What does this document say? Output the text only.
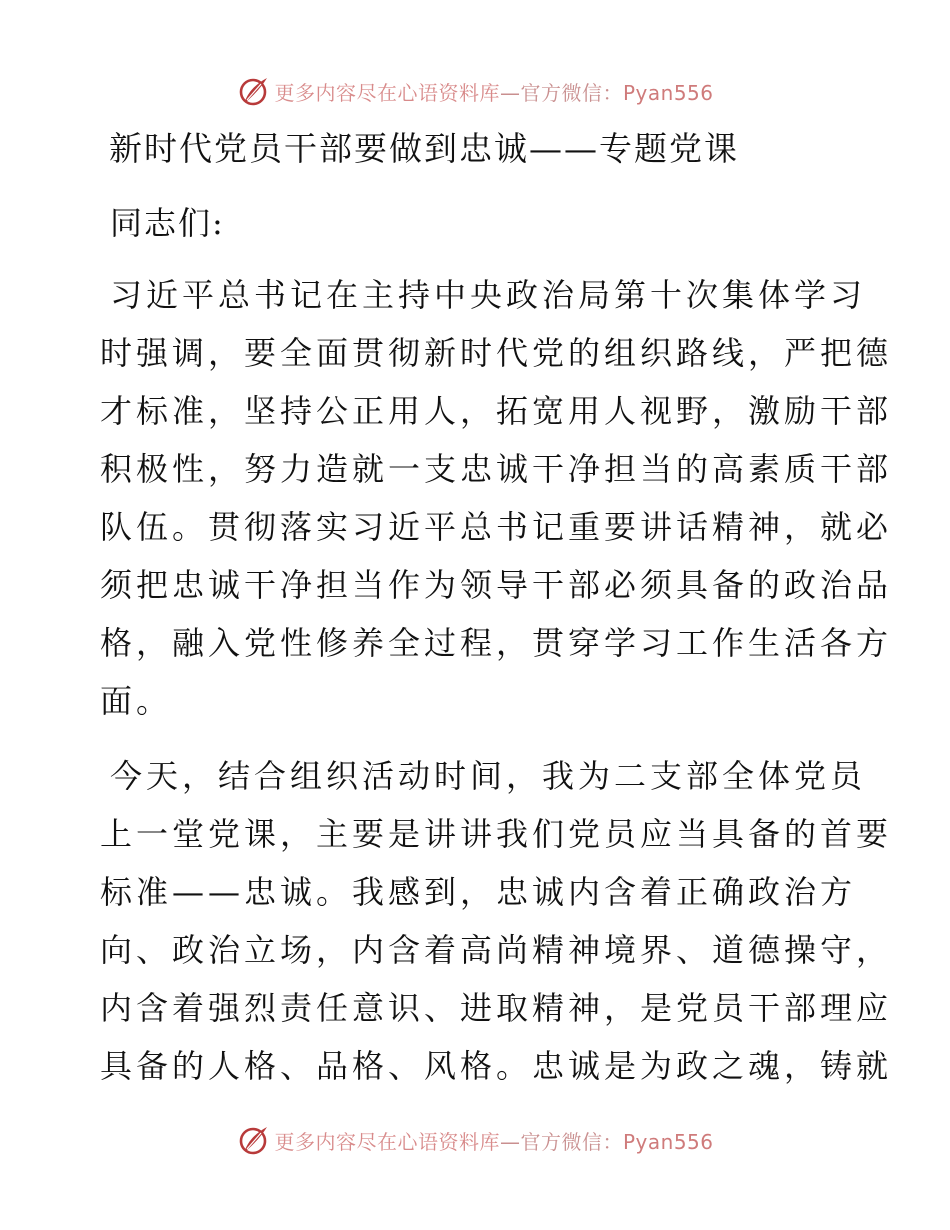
更多内容尽在心语资料库—官方微信：Pyan556
新时代党员干部要做到忠诚——专题党课

同志们:

习近平总书记在主持中央政治局第十次集体学习

时强调，要全面贯彻新时代党的组织路线，严把德

才标准，坚持公正用人，拓宽用人视野，激励干部

积极性，努力造就一支忠诚干净担当的高素质干部

队伍。贯彻落实习近平总书记重要讲话精神，就必

须把忠诚干净担当作为领导干部必须具备的政治品

格，融入党性修养全过程，贯穿学习工作生活各方

面。

今天，结合组织活动时间，我为二支部全体党员

上一堂党课，主要是讲讲我们党员应当具备的首要

标准——忠诚。我感到，忠诚内含着正确政治方

向、政治立场，内含着高尚精神境界、道德操守，

内含着强烈责任意识、进取精神，是党员干部理应

具备的人格、品格、风格。忠诚是为政之魂，铸就

更多内容尽在心语资料库—官方微信：Pyan556
